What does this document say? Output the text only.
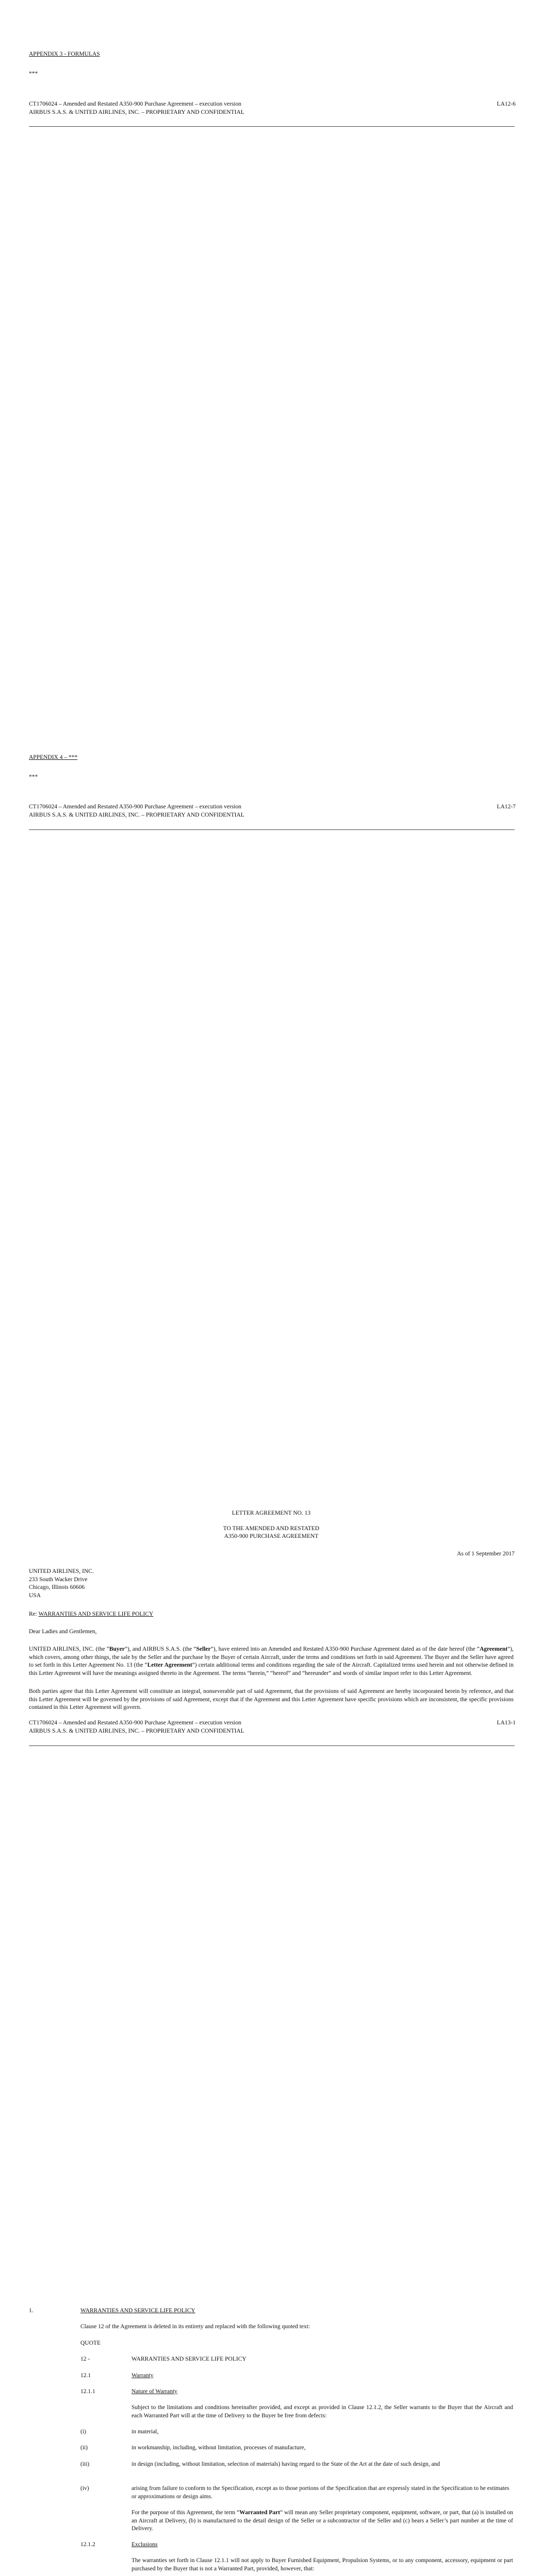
APPENDIX 3 - FORMULAS
***
CT1706024 – Amended and Restated A350-900 Purchase Agreement – execution version
AIRBUS S.A.S. & UNITED AIRLINES, INC. – PROPRIETARY AND CONFIDENTIAL
LA12-6
APPENDIX 4 – ***
***
CT1706024 – Amended and Restated A350-900 Purchase Agreement – execution version
AIRBUS S.A.S. & UNITED AIRLINES, INC. – PROPRIETARY AND CONFIDENTIAL
LA12-7
LETTER AGREEMENT NO. 13
TO THE AMENDED AND RESTATED
A350-900 PURCHASE AGREEMENT
As of 1 September 2017
UNITED AIRLINES, INC.
233 South Wacker Drive
Chicago, Illinois 60606
USA
Re: WARRANTIES AND SERVICE LIFE POLICY
Dear Ladies and Gentlemen,

UNITED AIRLINES, INC. (the “Buyer”), and AIRBUS S.A.S. (the “Seller”), have entered into an Amended and Restated A350-900 Purchase Agreement dated as of the date hereof (the “Agreement”), which covers, among other things, the sale by the Seller and the purchase by the Buyer of certain Aircraft, under the terms and conditions set forth in said Agreement. The Buyer and the Seller have agreed to set forth in this Letter Agreement No. 13 (the “Letter Agreement”) certain additional terms and conditions regarding the sale of the Aircraft. Capitalized terms used herein and not otherwise defined in this Letter Agreement will have the meanings assigned thereto in the Agreement. The terms “herein,” “hereof” and “hereunder” and words of similar import refer to this Letter Agreement.

Both parties agree that this Letter Agreement will constitute an integral, nonseverable part of said Agreement, that the provisions of said Agreement are hereby incorporated herein by reference, and that this Letter Agreement will be governed by the provisions of said Agreement, except that if the Agreement and this Letter Agreement have specific provisions which are inconsistent, the specific provisions contained in this Letter Agreement will govern.

CT1706024 – Amended and Restated A350-900 Purchase Agreement – execution version
AIRBUS S.A.S. & UNITED AIRLINES, INC. – PROPRIETARY AND CONFIDENTIAL
LA13-1
1.	WARRANTIES AND SERVICE LIFE POLICY
Clause 12 of the Agreement is deleted in its entirety and replaced with the following quoted text:
QUOTE
12 -	WARRANTIES AND SERVICE LIFE POLICY
12.1	Warranty
12.1.1	Nature of Warranty

Subject to the limitations and conditions hereinafter provided, and except as provided in Clause 12.1.2, the Seller warrants to the Buyer that the Aircraft and each Warranted Part will at the time of Delivery to the Buyer be free from defects:

(i)	in material,
(ii)	in workmanship, including, without limitation, processes of manufacture,
(iii)	in design (including, without limitation, selection of materials) having regard to the State of the Art at the date of such design, and

(iv)	arising from failure to conform to the Specification, except as to those portions of the Specification that are expressly stated in the Specification to be estimates or approximations or design aims.

For the purpose of this Agreement, the term “Warranted Part” will mean any Seller proprietary component, equipment, software, or part, that (a) is installed on an Aircraft at Delivery, (b) is manufactured to the detail design of the Seller or a subcontractor of the Seller and (c) bears a Seller’s part number at the time of Delivery.

12.1.2	Exclusions

The warranties set forth in Clause 12.1.1 will not apply to Buyer Furnished Equipment, Propulsion Systems, or to any component, accessory, equipment or part purchased by the Buyer that is not a Warranted Part, provided, however, that:
